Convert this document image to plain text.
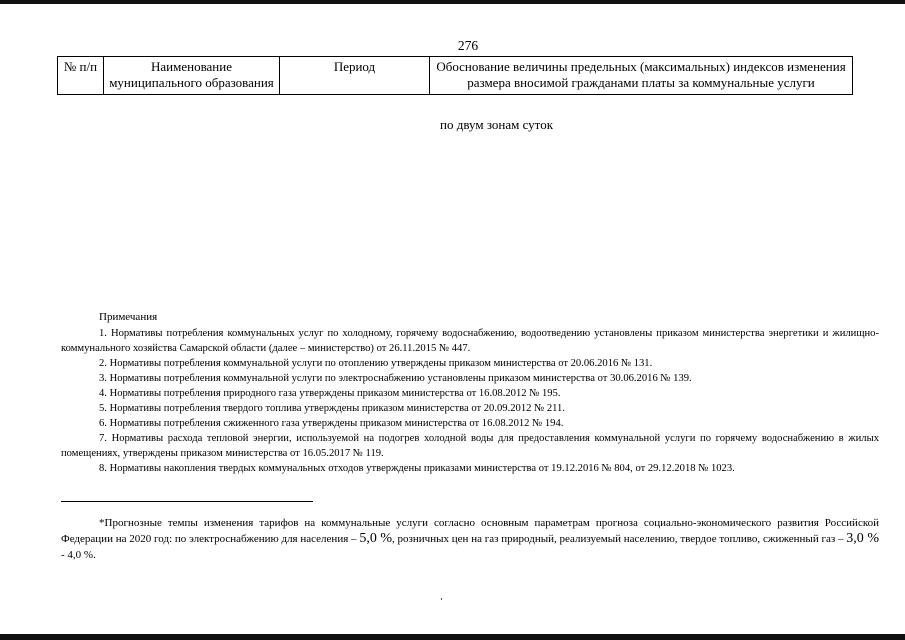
276
№ п/п	Наименование муниципального образования	Период	Обоснование величины предельных (максимальных) индексов изменения размера вносимой гражданами платы за коммунальные услуги
по двум зонам суток

Примечания

1. Нормативы потребления коммунальных услуг по холодному, горячему водоснабжению, водоотведению установлены приказом министерства энергетики и жилищно-коммунального хозяйства Самарской области (далее – министерство) от 26.11.2015 № 447.

2. Нормативы потребления коммунальной услуги по отоплению утверждены приказом министерства от 20.06.2016 № 131.

3. Нормативы потребления коммунальной услуги по электроснабжению установлены приказом министерства от 30.06.2016 № 139.

4. Нормативы потребления природного газа утверждены приказом министерства от 16.08.2012 № 195.

5. Нормативы потребления твердого топлива утверждены приказом министерства от 20.09.2012 № 211.

6. Нормативы потребления сжиженного газа утверждены приказом министерства от 16.08.2012 № 194.

7. Нормативы расхода тепловой энергии, используемой на подогрев холодной воды для предоставления коммунальной услуги по горячему водоснабжению в жилых помещениях, утверждены приказом министерства от 16.05.2017 № 119.

8. Нормативы накопления твердых коммунальных отходов утверждены приказами министерства от 19.12.2016 № 804, от 29.12.2018 № 1023.

*Прогнозные темпы изменения тарифов на коммунальные услуги согласно основным параметрам прогноза социально-экономического развития Российской Федерации на 2020 год: по электроснабжению для населения – 5,0 %, розничных цен на газ природный, реализуемый населению, твердое топливо, сжиженный газ – 3,0 % - 4,0 %.
